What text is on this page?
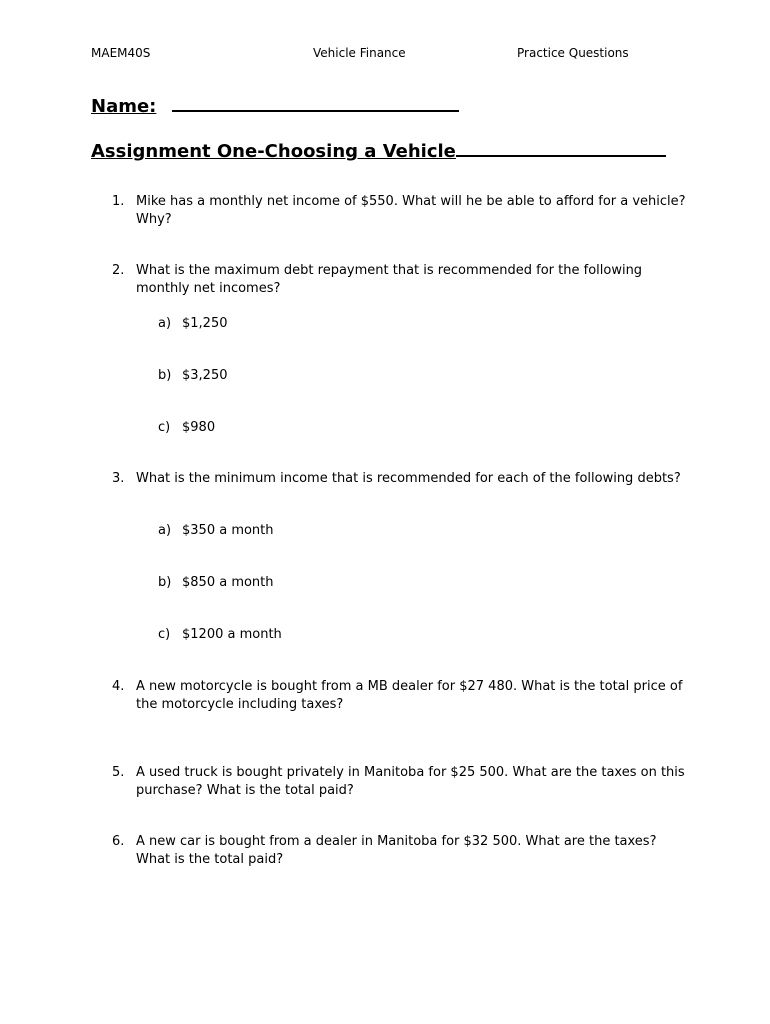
MAEM40S	Vehicle Finance	Practice Questions
Name:
Assignment One-Choosing a Vehicle
1. Mike has a monthly net income of $550. What will he be able to afford for a vehicle? Why?
2. What is the maximum debt repayment that is recommended for the following monthly net incomes?
a) $1,250
b) $3,250
c) $980
3. What is the minimum income that is recommended for each of the following debts?
a) $350 a month
b) $850 a month
c) $1200 a month
4. A new motorcycle is bought from a MB dealer for $27 480. What is the total price of the motorcycle including taxes?
5. A used truck is bought privately in Manitoba for $25 500. What are the taxes on this purchase? What is the total paid?
6. A new car is bought from a dealer in Manitoba for $32 500. What are the taxes? What is the total paid?
